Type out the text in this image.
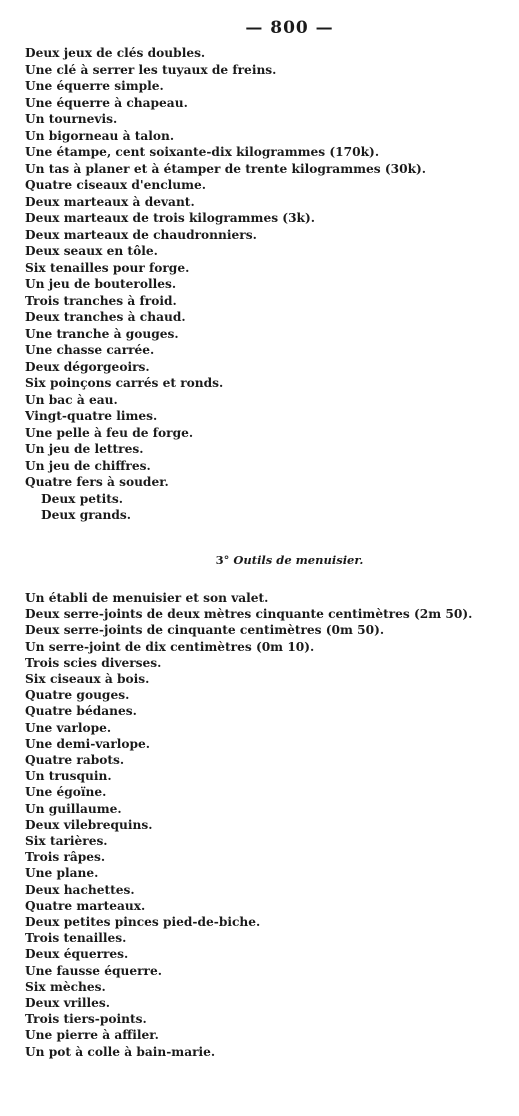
— 800 —
Deux jeux de clés doubles.
Une clé à serrer les tuyaux de freins.
Une équerre simple.
Une équerre à chapeau.
Un tournevis.
Un bigorneau à talon.
Une étampe, cent soixante-dix kilogrammes (170k).
Un tas à planer et à étamper de trente kilogrammes (30k).
Quatre ciseaux d'enclume.
Deux marteaux à devant.
Deux marteaux de trois kilogrammes (3k).
Deux marteaux de chaudronniers.
Deux seaux en tôle.
Six tenailles pour forge.
Un jeu de bouterolles.
Trois tranches à froid.
Deux tranches à chaud.
Une tranche à gouges.
Une chasse carrée.
Deux dégorgeoirs.
Six poinçons carrés et ronds.
Un bac à eau.
Vingt-quatre limes.
Une pelle à feu de forge.
Un jeu de lettres.
Un jeu de chiffres.
Quatre fers à souder.
Deux petits.
Deux grands.
3° Outils de menuisier.
Un établi de menuisier et son valet.
Deux serre-joints de deux mètres cinquante centimètres (2m 50).
Deux serre-joints de cinquante centimètres (0m 50).
Un serre-joint de dix centimètres (0m 10).
Trois scies diverses.
Six ciseaux à bois.
Quatre gouges.
Quatre bédanes.
Une varlope.
Une demi-varlope.
Quatre rabots.
Un trusquin.
Une égoïne.
Un guillaume.
Deux vilebrequins.
Six tarières.
Trois râpes.
Une plane.
Deux hachettes.
Quatre marteaux.
Deux petites pinces pied-de-biche.
Trois tenailles.
Deux équerres.
Une fausse équerre.
Six mèches.
Deux vrilles.
Trois tiers-points.
Une pierre à affiler.
Un pot à colle à bain-marie.
